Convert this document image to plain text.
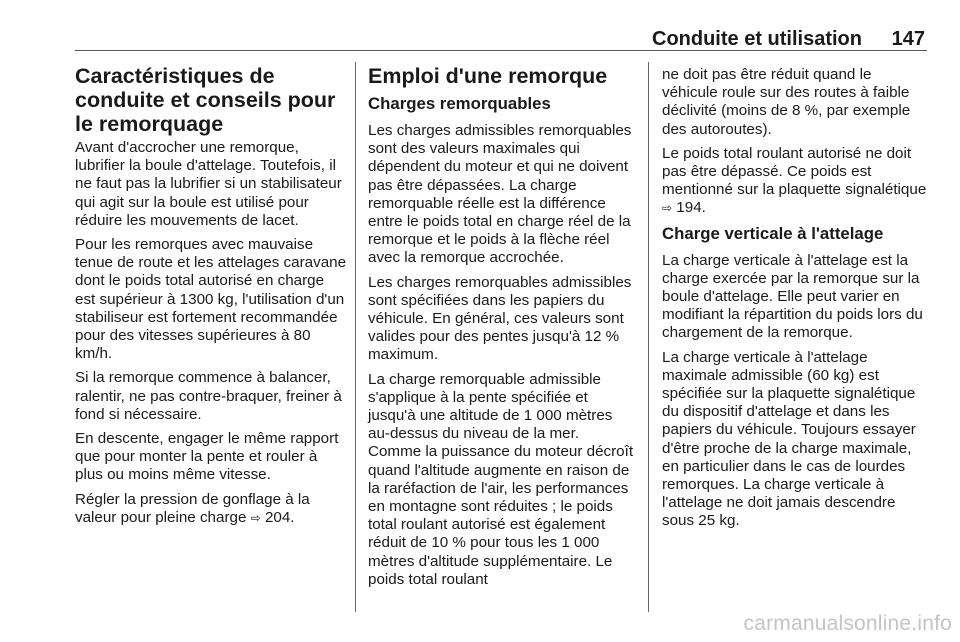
Conduite et utilisation 147
Caractéristiques de conduite et conseils pour le remorquage

Avant d'accrocher une remorque, lubrifier la boule d'attelage. Toutefois, il ne faut pas la lubrifier si un stabilisateur qui agit sur la boule est utilisé pour réduire les mouvements de lacet.

Pour les remorques avec mauvaise tenue de route et les attelages caravane dont le poids total autorisé en charge est supérieur à 1300 kg, l'utilisation d'un stabiliseur est fortement recommandée pour des vitesses supérieures à 80 km/h.

Si la remorque commence à balancer, ralentir, ne pas contre-braquer, freiner à fond si nécessaire.

En descente, engager le même rapport que pour monter la pente et rouler à plus ou moins même vitesse.

Régler la pression de gonflage à la valeur pour pleine charge ⇨ 204.

Emploi d'une remorque
Charges remorquables

Les charges admissibles remorquables sont des valeurs maximales qui dépendent du moteur et qui ne doivent pas être dépassées. La charge remorquable réelle est la différence entre le poids total en charge réel de la remorque et le poids à la flèche réel avec la remorque accrochée.

Les charges remorquables admissibles sont spécifiées dans les papiers du véhicule. En général, ces valeurs sont valides pour des pentes jusqu'à 12 % maximum.

La charge remorquable admissible s'applique à la pente spécifiée et jusqu'à une altitude de 1 000 mètres au-dessus du niveau de la mer. Comme la puissance du moteur décroît quand l'altitude augmente en raison de la raréfaction de l'air, les performances en montagne sont réduites ; le poids total roulant autorisé est également réduit de 10 % pour tous les 1 000 mètres d'altitude supplémentaire. Le poids total roulant

ne doit pas être réduit quand le véhicule roule sur des routes à faible déclivité (moins de 8 %, par exemple des autoroutes).

Le poids total roulant autorisé ne doit pas être dépassé. Ce poids est mentionné sur la plaquette signalétique ⇨ 194.

Charge verticale à l'attelage

La charge verticale à l'attelage est la charge exercée par la remorque sur la boule d'attelage. Elle peut varier en modifiant la répartition du poids lors du chargement de la remorque.

La charge verticale à l'attelage maximale admissible (60 kg) est spécifiée sur la plaquette signalétique du dispositif d'attelage et dans les papiers du véhicule. Toujours essayer d'être proche de la charge maximale, en particulier dans le cas de lourdes remorques. La charge verticale à l'attelage ne doit jamais descendre sous 25 kg.

carmanualsonline.info
